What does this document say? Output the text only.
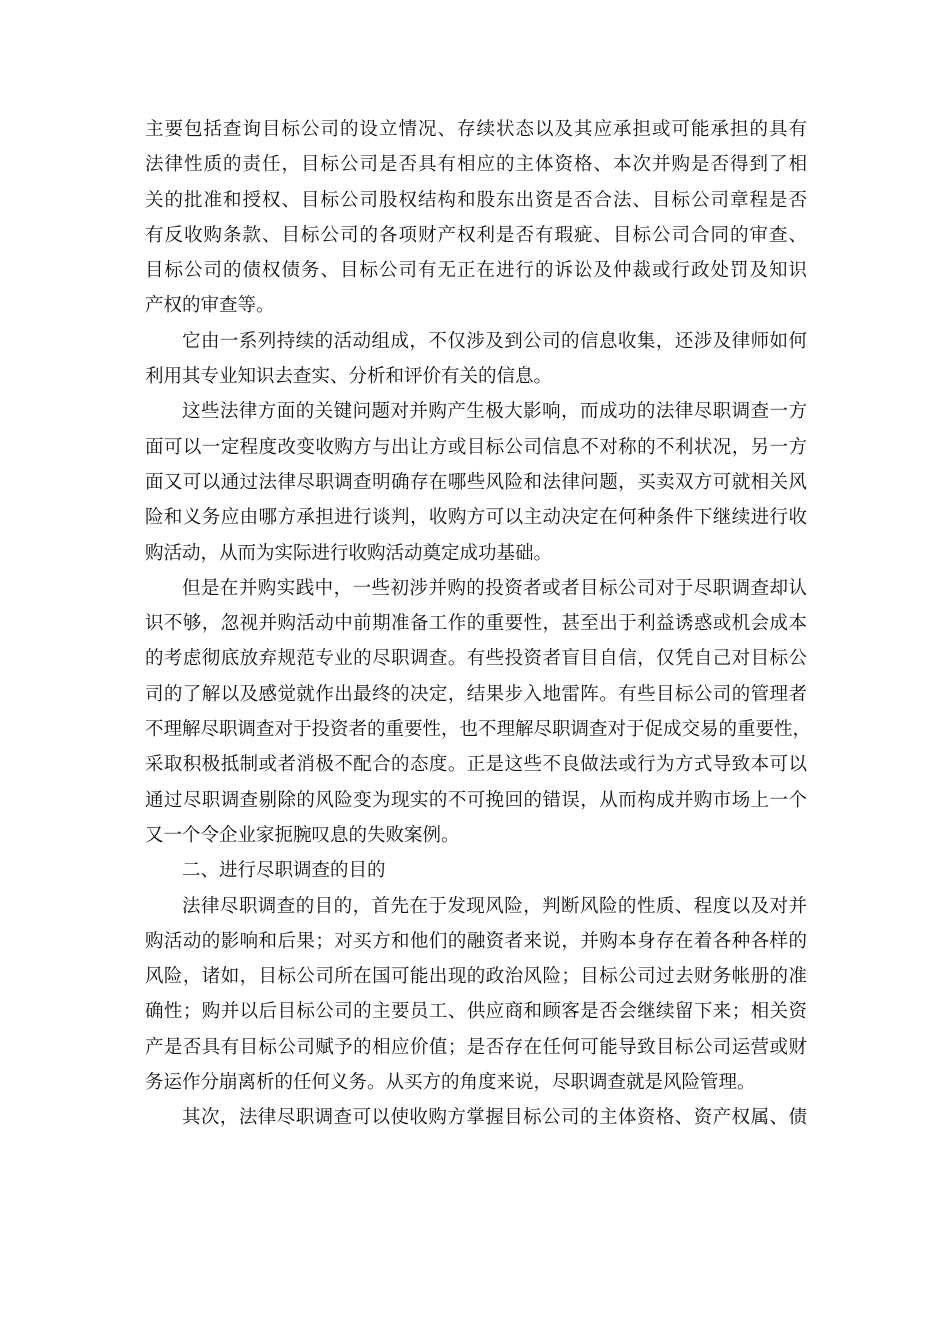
主要包括查询目标公司的设立情况、存续状态以及其应承担或可能承担的具有
法律性质的责任，目标公司是否具有相应的主体资格、本次并购是否得到了相
关的批准和授权、目标公司股权结构和股东出资是否合法、目标公司章程是否
有反收购条款、目标公司的各项财产权利是否有瑕疵、目标公司合同的审查、
目标公司的债权债务、目标公司有无正在进行的诉讼及仲裁或行政处罚及知识
产权的审查等。
它由一系列持续的活动组成，不仅涉及到公司的信息收集，还涉及律师如何
利用其专业知识去查实、分析和评价有关的信息。
这些法律方面的关键问题对并购产生极大影响，而成功的法律尽职调查一方
面可以一定程度改变收购方与出让方或目标公司信息不对称的不利状况，另一方
面又可以通过法律尽职调查明确存在哪些风险和法律问题，买卖双方可就相关风
险和义务应由哪方承担进行谈判，收购方可以主动决定在何种条件下继续进行收
购活动，从而为实际进行收购活动奠定成功基础。
但是在并购实践中，一些初涉并购的投资者或者目标公司对于尽职调查却认
识不够，忽视并购活动中前期准备工作的重要性，甚至出于利益诱惑或机会成本
的考虑彻底放弃规范专业的尽职调查。有些投资者盲目自信，仅凭自己对目标公
司的了解以及感觉就作出最终的决定，结果步入地雷阵。有些目标公司的管理者
不理解尽职调查对于投资者的重要性，也不理解尽职调查对于促成交易的重要性，
采取积极抵制或者消极不配合的态度。正是这些不良做法或行为方式导致本可以
通过尽职调查剔除的风险变为现实的不可挽回的错误，从而构成并购市场上一个
又一个令企业家扼腕叹息的失败案例。
二、进行尽职调查的目的
法律尽职调查的目的，首先在于发现风险，判断风险的性质、程度以及对并
购活动的影响和后果；对买方和他们的融资者来说，并购本身存在着各种各样的
风险，诸如，目标公司所在国可能出现的政治风险；目标公司过去财务帐册的准
确性；购并以后目标公司的主要员工、供应商和顾客是否会继续留下来；相关资
产是否具有目标公司赋予的相应价值；是否存在任何可能导致目标公司运营或财
务运作分崩离析的任何义务。从买方的角度来说，尽职调查就是风险管理。
其次，法律尽职调查可以使收购方掌握目标公司的主体资格、资产权属、债
